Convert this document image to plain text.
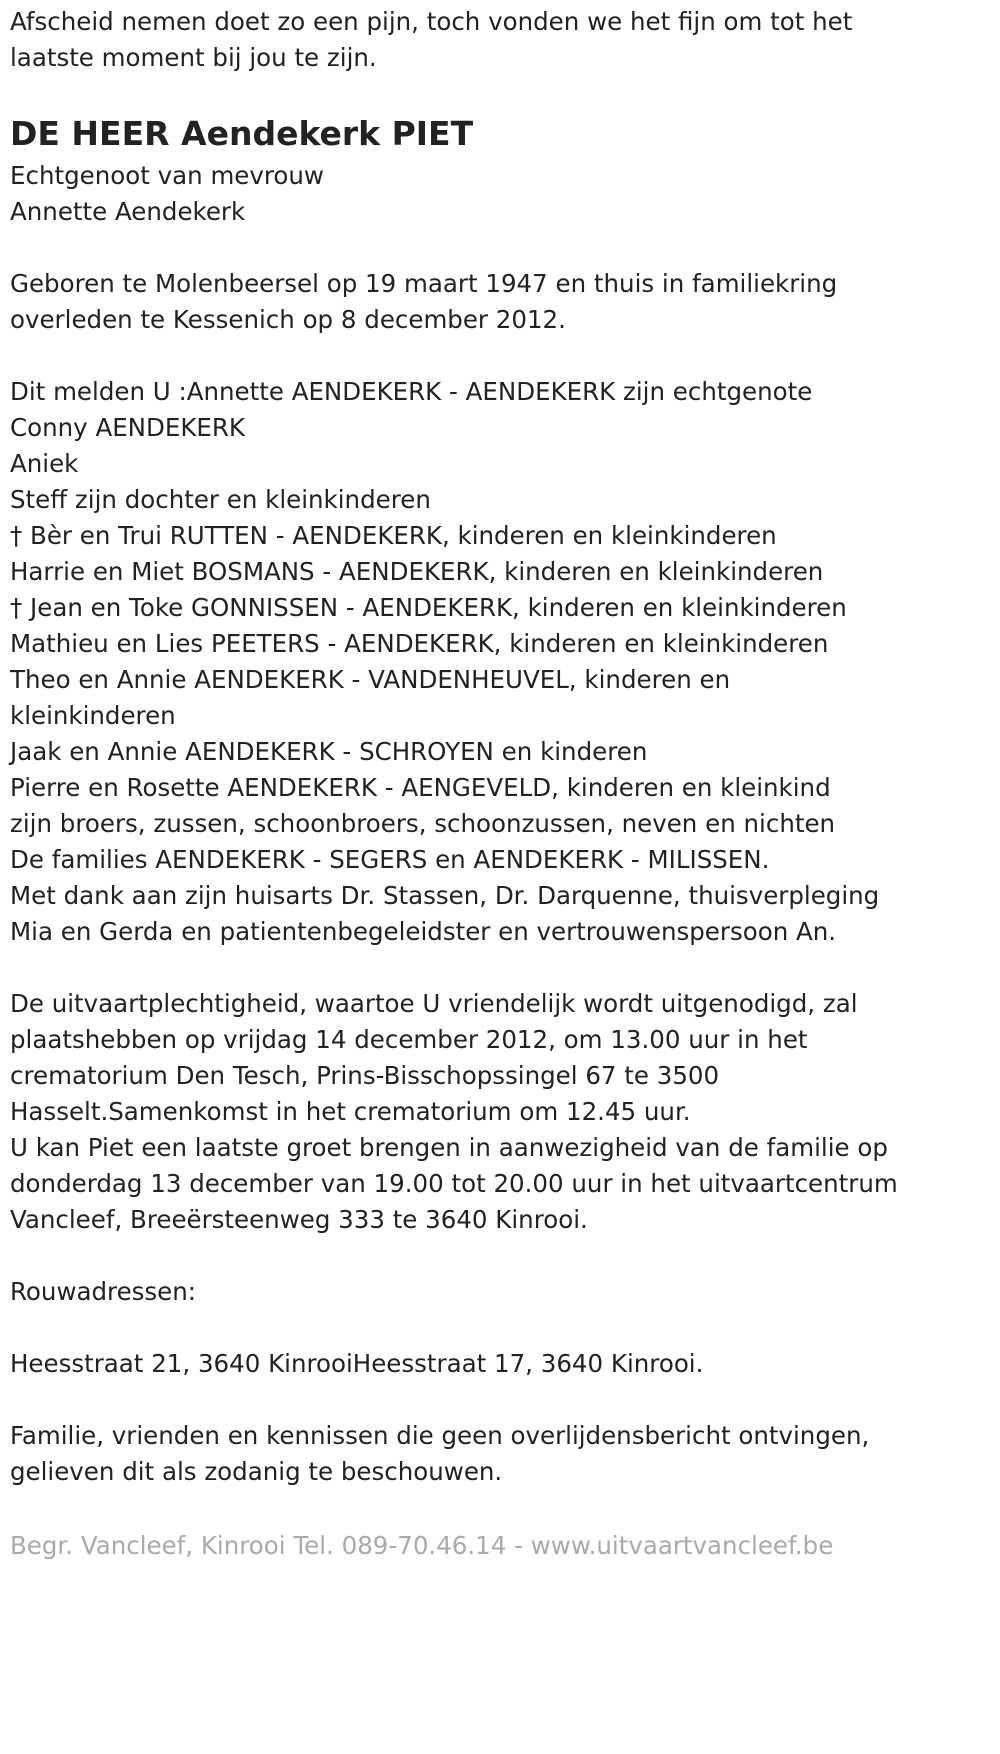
Afscheid nemen doet zo een pijn, toch vonden we het fijn om tot het
laatste moment bij jou te zijn.
DE HEER Aendekerk PIET
Echtgenoot van mevrouw
Annette Aendekerk
Geboren te Molenbeersel op 19 maart 1947 en thuis in familiekring
overleden te Kessenich op 8 december 2012.
Dit melden U :Annette AENDEKERK - AENDEKERK zijn echtgenote
Conny AENDEKERK
Aniek
Steff zijn dochter en kleinkinderen
† Bèr en Trui RUTTEN - AENDEKERK, kinderen en kleinkinderen
Harrie en Miet BOSMANS - AENDEKERK, kinderen en kleinkinderen
† Jean en Toke GONNISSEN - AENDEKERK, kinderen en kleinkinderen
Mathieu en Lies PEETERS - AENDEKERK, kinderen en kleinkinderen
Theo en Annie AENDEKERK - VANDENHEUVEL, kinderen en
kleinkinderen
Jaak en Annie AENDEKERK - SCHROYEN en kinderen
Pierre en Rosette AENDEKERK - AENGEVELD, kinderen en kleinkind
zijn broers, zussen, schoonbroers, schoonzussen, neven en nichten
De families AENDEKERK - SEGERS en AENDEKERK - MILISSEN.
Met dank aan zijn huisarts Dr. Stassen, Dr. Darquenne, thuisverpleging
Mia en Gerda en patientenbegeleidster en vertrouwenspersoon An.
De uitvaartplechtigheid, waartoe U vriendelijk wordt uitgenodigd, zal
plaatshebben op vrijdag 14 december 2012, om 13.00 uur in het
crematorium Den Tesch, Prins-Bisschopssingel 67 te 3500
Hasselt.Samenkomst in het crematorium om 12.45 uur.
U kan Piet een laatste groet brengen in aanwezigheid van de familie op
donderdag 13 december van 19.00 tot 20.00 uur in het uitvaartcentrum
Vancleef, Breeërsteenweg 333 te 3640 Kinrooi.
Rouwadressen:
Heesstraat 21, 3640 KinrooiHeesstraat 17, 3640 Kinrooi.
Familie, vrienden en kennissen die geen overlijdensbericht ontvingen,
gelieven dit als zodanig te beschouwen.
Begr. Vancleef, Kinrooi Tel. 089-70.46.14 - www.uitvaartvancleef.be
